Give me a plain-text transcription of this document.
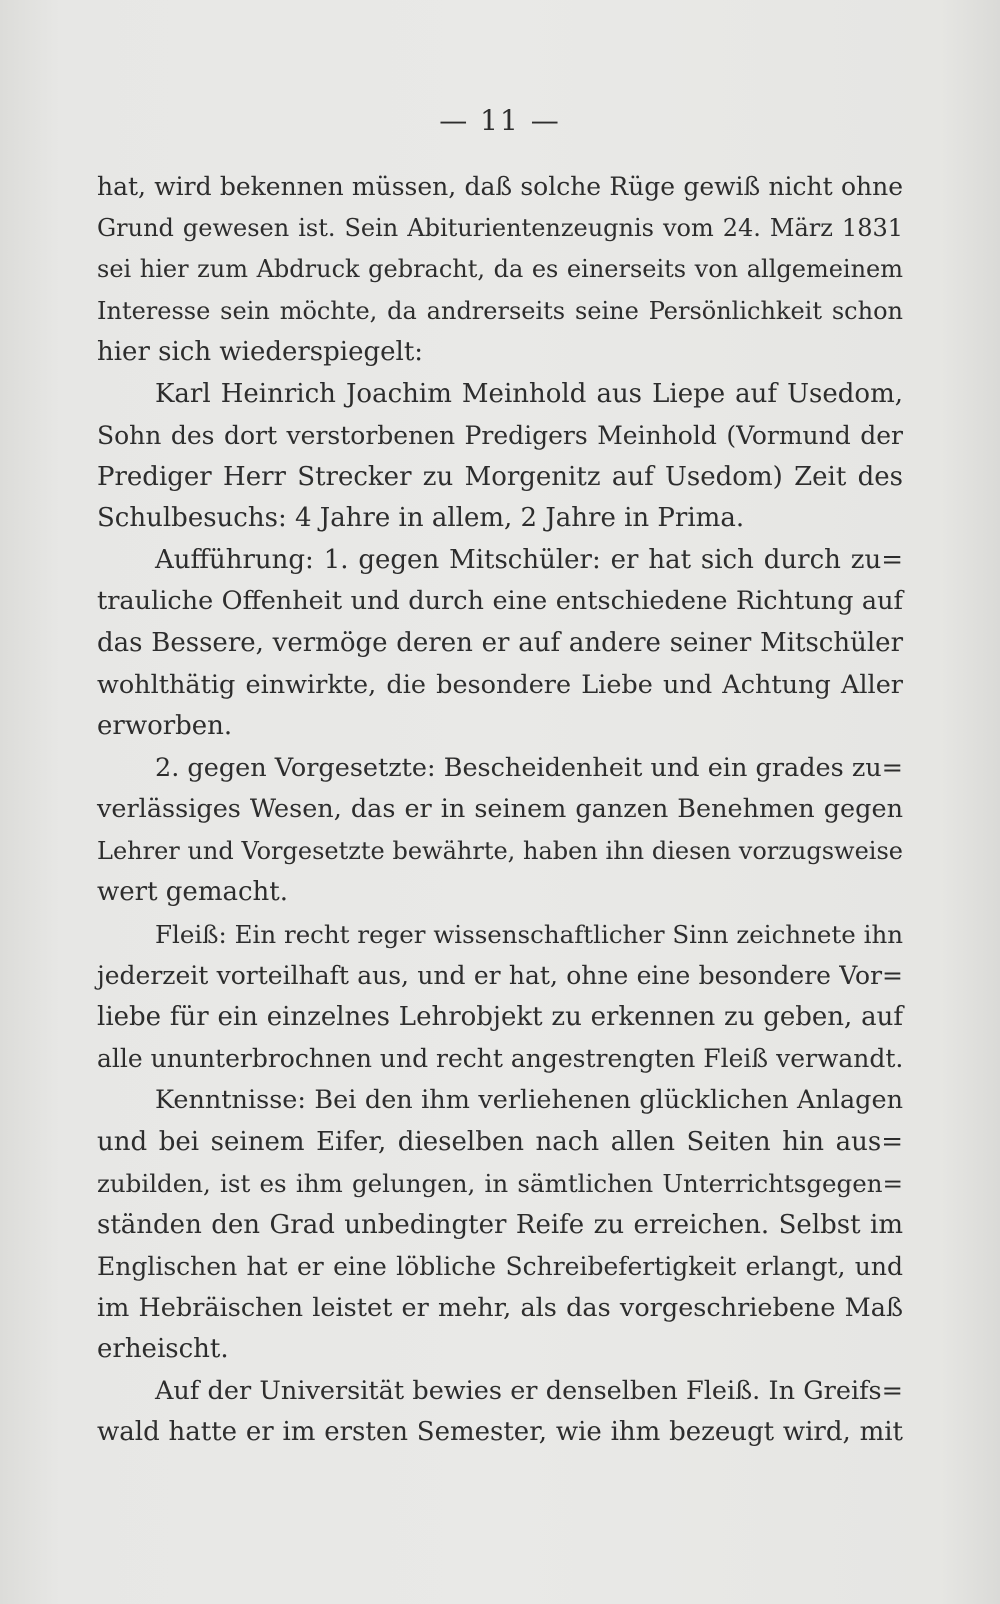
— 11 —
hat, wird bekennen müssen, daß solche Rüge gewiß nicht ohne
Grund gewesen ist. Sein Abiturientenzeugnis vom 24. März 1831
sei hier zum Abdruck gebracht, da es einerseits von allgemeinem
Interesse sein möchte, da andrerseits seine Persönlichkeit schon
hier sich wiederspiegelt:
Karl Heinrich Joachim Meinhold aus Liepe auf Usedom,
Sohn des dort verstorbenen Predigers Meinhold (Vormund der
Prediger Herr Strecker zu Morgenitz auf Usedom) Zeit des
Schulbesuchs: 4 Jahre in allem, 2 Jahre in Prima.
Aufführung: 1. gegen Mitschüler: er hat sich durch zu=
trauliche Offenheit und durch eine entschiedene Richtung auf
das Bessere, vermöge deren er auf andere seiner Mitschüler
wohlthätig einwirkte, die besondere Liebe und Achtung Aller
erworben.
2. gegen Vorgesetzte: Bescheidenheit und ein grades zu=
verlässiges Wesen, das er in seinem ganzen Benehmen gegen
Lehrer und Vorgesetzte bewährte, haben ihn diesen vorzugsweise
wert gemacht.
Fleiß: Ein recht reger wissenschaftlicher Sinn zeichnete ihn
jederzeit vorteilhaft aus, und er hat, ohne eine besondere Vor=
liebe für ein einzelnes Lehrobjekt zu erkennen zu geben, auf
alle ununterbrochnen und recht angestrengten Fleiß verwandt.
Kenntnisse: Bei den ihm verliehenen glücklichen Anlagen
und bei seinem Eifer, dieselben nach allen Seiten hin aus=
zubilden, ist es ihm gelungen, in sämtlichen Unterrichtsgegen=
ständen den Grad unbedingter Reife zu erreichen. Selbst im
Englischen hat er eine löbliche Schreibefertigkeit erlangt, und
im Hebräischen leistet er mehr, als das vorgeschriebene Maß
erheischt.
Auf der Universität bewies er denselben Fleiß. In Greifs=
wald hatte er im ersten Semester, wie ihm bezeugt wird, mit
